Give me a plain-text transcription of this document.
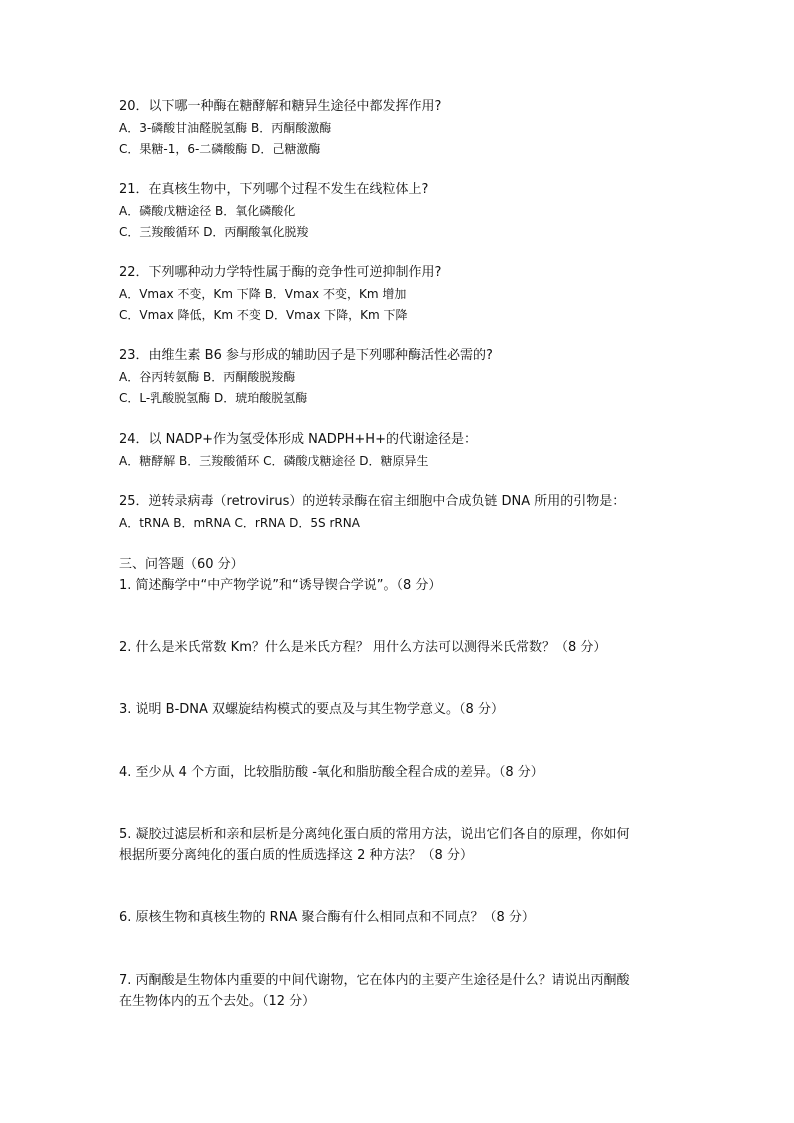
20．以下哪一种酶在糖酵解和糖异生途径中都发挥作用?
A．3-磷酸甘油醛脱氢酶 B．丙酮酸激酶
C．果糖-1，6-二磷酸酶 D．己糖激酶
21．在真核生物中，下列哪个过程不发生在线粒体上?
A．磷酸戊糖途径 B．氧化磷酸化
C．三羧酸循环 D．丙酮酸氧化脱羧
22．下列哪种动力学特性属于酶的竞争性可逆抑制作用?
A．Vmax 不变，Km 下降 B．Vmax 不变，Km 增加
C．Vmax 降低，Km 不变 D．Vmax 下降，Km 下降
23．由维生素 B6 参与形成的辅助因子是下列哪种酶活性必需的?
A．谷丙转氨酶 B．丙酮酸脱羧酶
C．L-乳酸脱氢酶 D．琥珀酸脱氢酶
24．以 NADP+作为氢受体形成 NADPH+H+的代谢途径是：
A．糖酵解 B．三羧酸循环 C．磷酸戊糖途径 D．糖原异生
25．逆转录病毒（retrovirus）的逆转录酶在宿主细胞中合成负链 DNA 所用的引物是：
A．tRNA B．mRNA C．rRNA D．5S rRNA
三、问答题（60 分）
1. 简述酶学中“中产物学说”和“诱导锲合学说”。（8 分）
2. 什么是米氏常数 Km？什么是米氏方程？ 用什么方法可以测得米氏常数？（8 分）
3. 说明 B-DNA 双螺旋结构模式的要点及与其生物学意义。（8 分）
4. 至少从 4 个方面，比较脂肪酸 -氧化和脂肪酸全程合成的差异。（8 分）
5. 凝胶过滤层析和亲和层析是分离纯化蛋白质的常用方法，说出它们各自的原理，你如何
根据所要分离纯化的蛋白质的性质选择这 2 种方法？（8 分）
6. 原核生物和真核生物的 RNA 聚合酶有什么相同点和不同点？（8 分）
7. 丙酮酸是生物体内重要的中间代谢物，它在体内的主要产生途径是什么？请说出丙酮酸
在生物体内的五个去处。（12 分）
